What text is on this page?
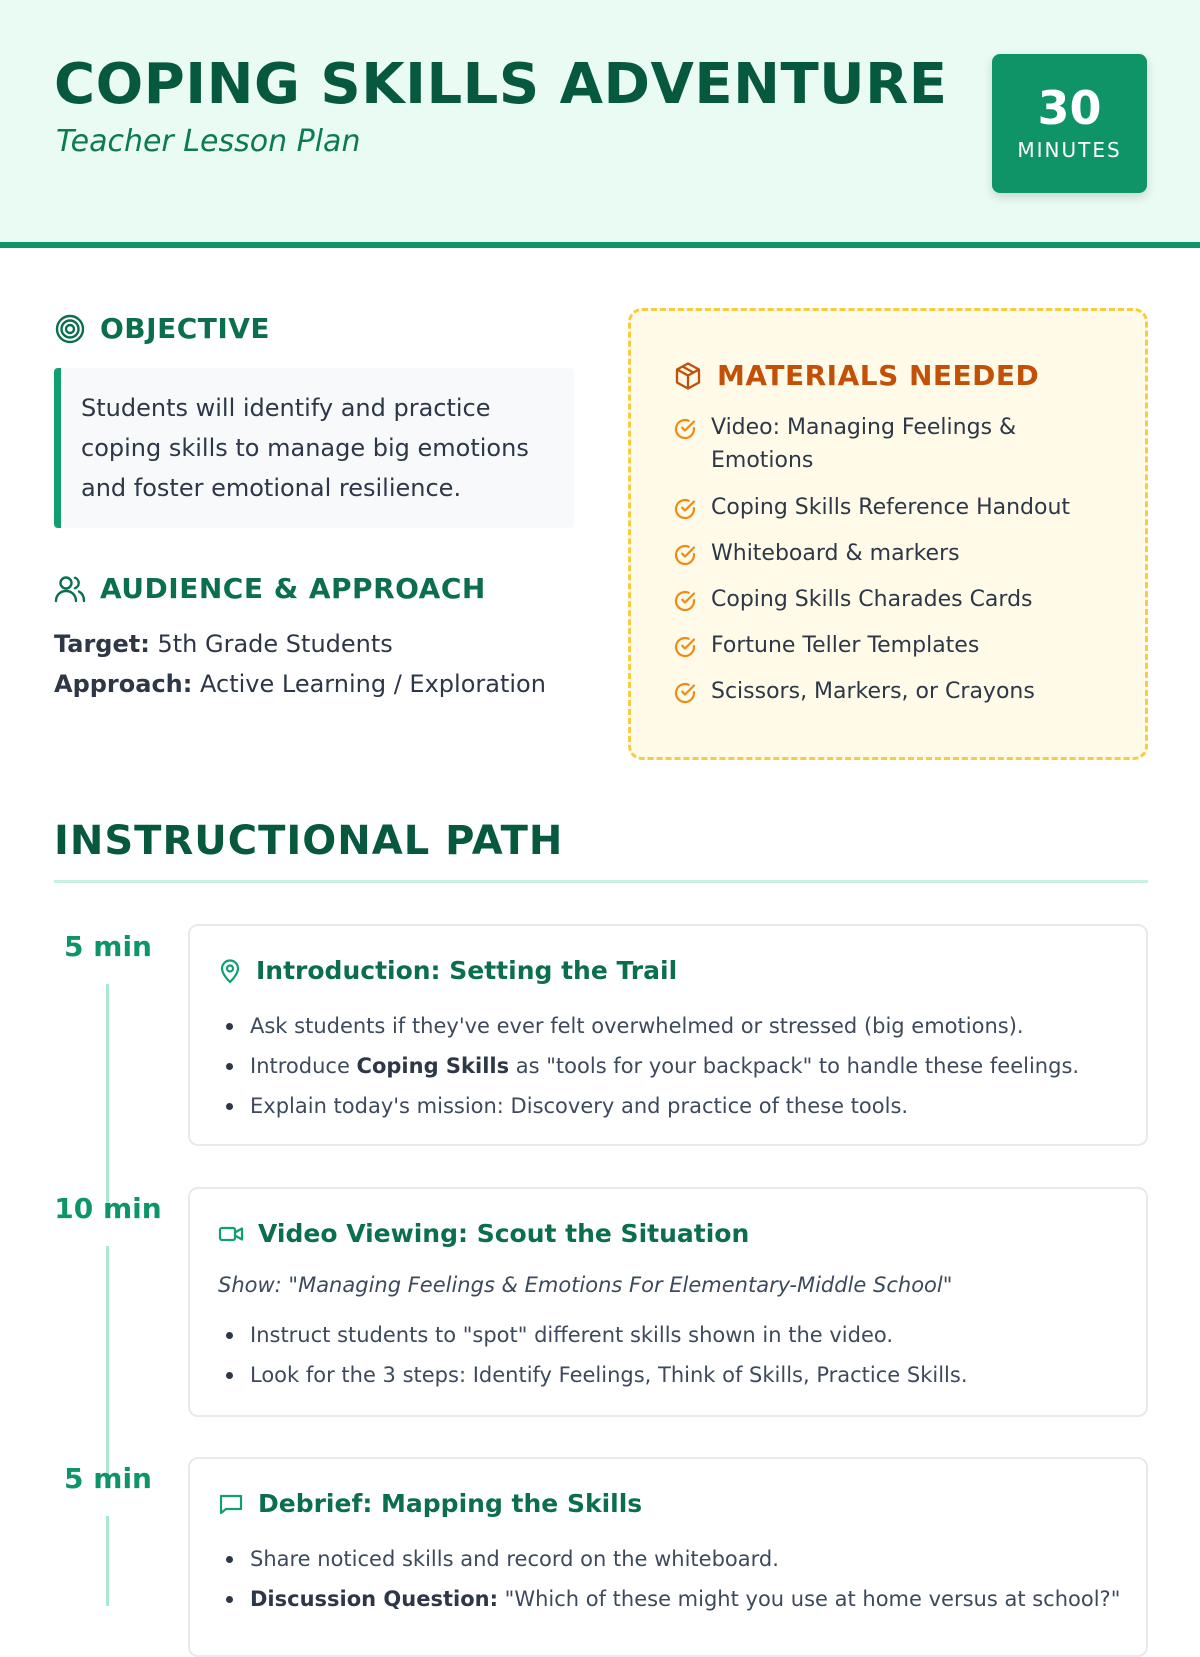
COPING SKILLS ADVENTURE
Teacher Lesson Plan
30
MINUTES
OBJECTIVE
Students will identify and practice coping skills to manage big emotions and foster emotional resilience.
AUDIENCE & APPROACH
Target: 5th Grade Students
Approach: Active Learning / Exploration
MATERIALS NEEDED
Video: Managing Feelings & Emotions
Coping Skills Reference Handout
Whiteboard & markers
Coping Skills Charades Cards
Fortune Teller Templates
Scissors, Markers, or Crayons
INSTRUCTIONAL PATH
5 min
Introduction: Setting the Trail
Ask students if they've ever felt overwhelmed or stressed (big emotions).
Introduce Coping Skills as "tools for your backpack" to handle these feelings.
Explain today's mission: Discovery and practice of these tools.
10 min
Video Viewing: Scout the Situation
Show: "Managing Feelings & Emotions For Elementary-Middle School"
Instruct students to "spot" different skills shown in the video.
Look for the 3 steps: Identify Feelings, Think of Skills, Practice Skills.
5 min
Debrief: Mapping the Skills
Share noticed skills and record on the whiteboard.
Discussion Question: "Which of these might you use at home versus at school?"
